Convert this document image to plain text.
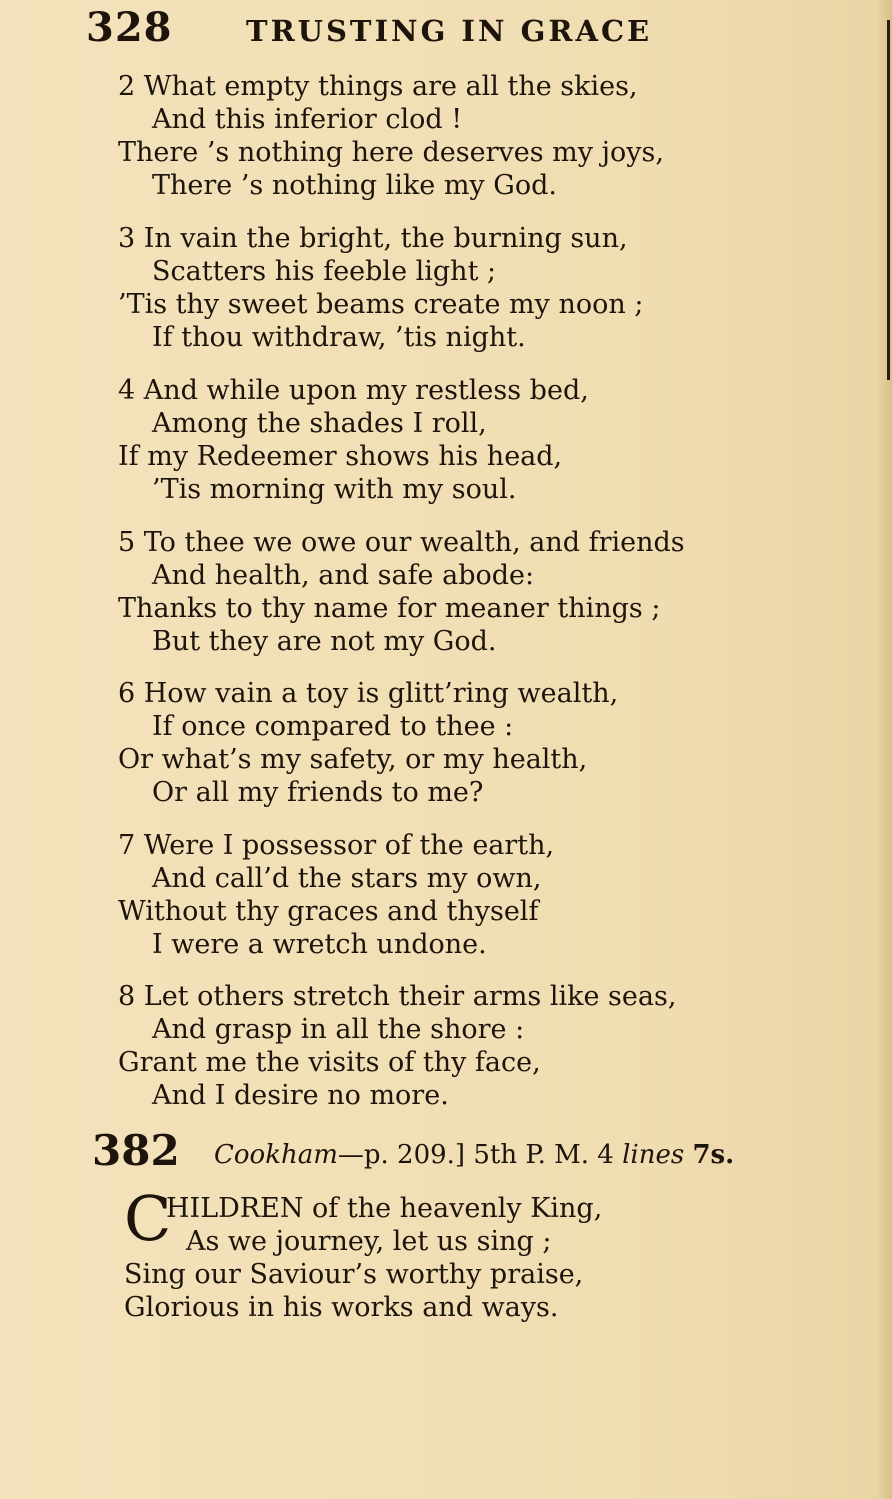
328	TRUSTING IN GRACE
2 What empty things are all the skies,
And this inferior clod !
There ’s nothing here deserves my joys,
There ’s nothing like my God.
3 In vain the bright, the burning sun,
Scatters his feeble light ;
’Tis thy sweet beams create my noon ;
If thou withdraw, ’tis night.
4 And while upon my restless bed,
Among the shades I roll,
If my Redeemer shows his head,
’Tis morning with my soul.
5 To thee we owe our wealth, and friends
And health, and safe abode:
Thanks to thy name for meaner things ;
But they are not my God.
6 How vain a toy is glitt’ring wealth,
If once compared to thee :
Or what’s my safety, or my health,
Or all my friends to me?
7 Were I possessor of the earth,
And call’d the stars my own,
Without thy graces and thyself
I were a wretch undone.
8 Let others stretch their arms like seas,
And grasp in all the shore :
Grant me the visits of thy face,
And I desire no more.
382 Cookham—p. 209.] 5th P. M. 4 lines 7s.
C
HILDREN of the heavenly King,
As we journey, let us sing ;
Sing our Saviour’s worthy praise,
Glorious in his works and ways.
